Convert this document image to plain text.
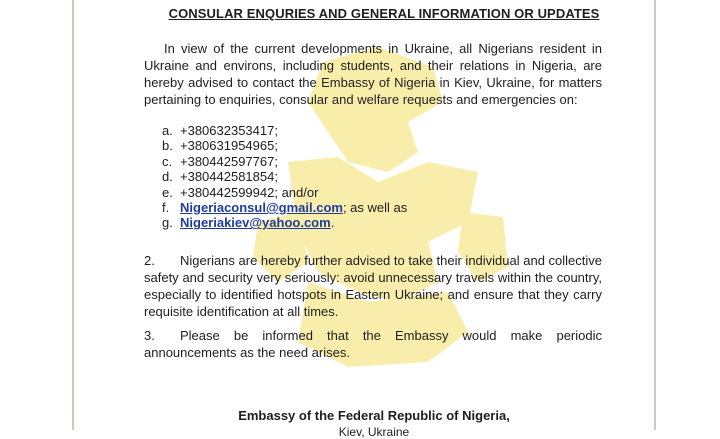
CONSULAR ENQURIES AND GENERAL INFORMATION OR UPDATES
In view of the current developments in Ukraine, all Nigerians resident in Ukraine and environs, including students, and their relations in Nigeria, are hereby advised to contact the Embassy of Nigeria in Kiev, Ukraine, for matters pertaining to enquiries, consular and welfare requests and emergencies on:
a. +380632353417;
b. +380631954965;
c. +380442597767;
d. +380442581854;
e. +380442599942; and/or
f. Nigeriaconsul@gmail.com; as well as
g. Nigeriakiev@yahoo.com.
2. Nigerians are hereby further advised to take their individual and collective safety and security very seriously: avoid unnecessary travels within the country, especially to identified hotspots in Eastern Ukraine; and ensure that they carry requisite identification at all times.
3. Please be informed that the Embassy would make periodic announcements as the need arises.
Embassy of the Federal Republic of Nigeria,
Kiev, Ukraine
